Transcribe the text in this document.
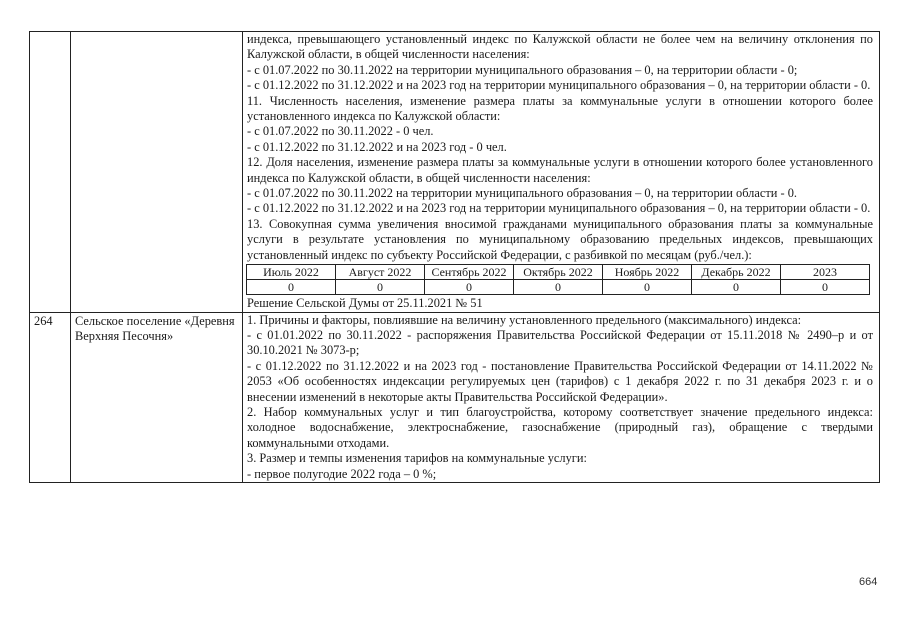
индекса, превышающего установленный индекс по Калужской области не более чем на величину отклонения по Калужской области, в общей численности населения:

- с 01.07.2022 по 30.11.2022 на территории муниципального образования – 0, на территории области - 0;

- с 01.12.2022 по 31.12.2022 и на 2023 год на территории муниципального образования – 0, на территории области - 0.

11. Численность населения, изменение размера платы за коммунальные услуги в отношении которого более установленного индекса по Калужской области:

- с 01.07.2022 по 30.11.2022 - 0 чел.

- с 01.12.2022 по 31.12.2022 и на 2023 год - 0 чел.

12. Доля населения, изменение размера платы за коммунальные услуги в отношении которого более установленного индекса по Калужской области, в общей численности населения:

- с 01.07.2022 по 30.11.2022 на территории муниципального образования – 0, на территории области - 0.

- с 01.12.2022 по 31.12.2022 и на 2023 год на территории муниципального образования – 0, на территории области - 0.

13. Совокупная сумма увеличения вносимой гражданами муниципального образования платы за коммунальные услуги в результате установления по муниципальному образованию предельных индексов, превышающих установленный индекс по субъекту Российской Федерации, с разбивкой по месяцам (руб./чел.):

Июль 2022	Август 2022	Сентябрь 2022	Октябрь 2022	Ноябрь 2022	Декабрь 2022	2023
0	0	0	0	0	0	0

Решение Сельской Думы от 25.11.2021 № 51

264	Сельское поселение «Деревня Верхняя Песочня»

1. Причины и факторы, повлиявшие на величину установленного предельного (максимального) индекса:

- с 01.01.2022 по 30.11.2022 - распоряжения Правительства Российской Федерации от 15.11.2018 № 2490–р и от 30.10.2021 № 3073-р;

- с 01.12.2022 по 31.12.2022 и на 2023 год - постановление Правительства Российской Федерации от 14.11.2022 № 2053 «Об особенностях индексации регулируемых цен (тарифов) с 1 декабря 2022 г. по 31 декабря 2023 г. и о внесении изменений в некоторые акты Правительства Российской Федерации».

2. Набор коммунальных услуг и тип благоустройства, которому соответствует значение предельного индекса: холодное водоснабжение, электроснабжение, газоснабжение (природный газ), обращение с твердыми коммунальными отходами.

3. Размер и темпы изменения тарифов на коммунальные услуги:

- первое полугодие 2022 года – 0 %;

664
